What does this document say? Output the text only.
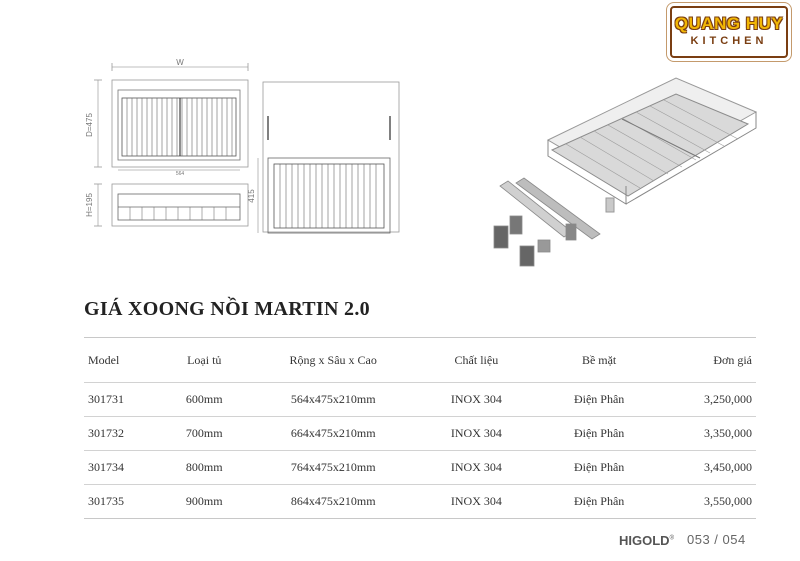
W
D=475
564
H=195	415
QUANG HUY
KITCHEN
GIÁ XOONG NỒI MARTIN 2.0
Model	Loại tủ	Rộng x Sâu x Cao	Chất liệu	Bề mặt	Đơn giá
301731	600mm	564x475x210mm	INOX 304	Điện Phân	3,250,000
301732	700mm	664x475x210mm	INOX 304	Điện Phân	3,350,000
301734	800mm	764x475x210mm	INOX 304	Điện Phân	3,450,000
301735	900mm	864x475x210mm	INOX 304	Điện Phân	3,550,000
HIGOLD® 053 / 054
